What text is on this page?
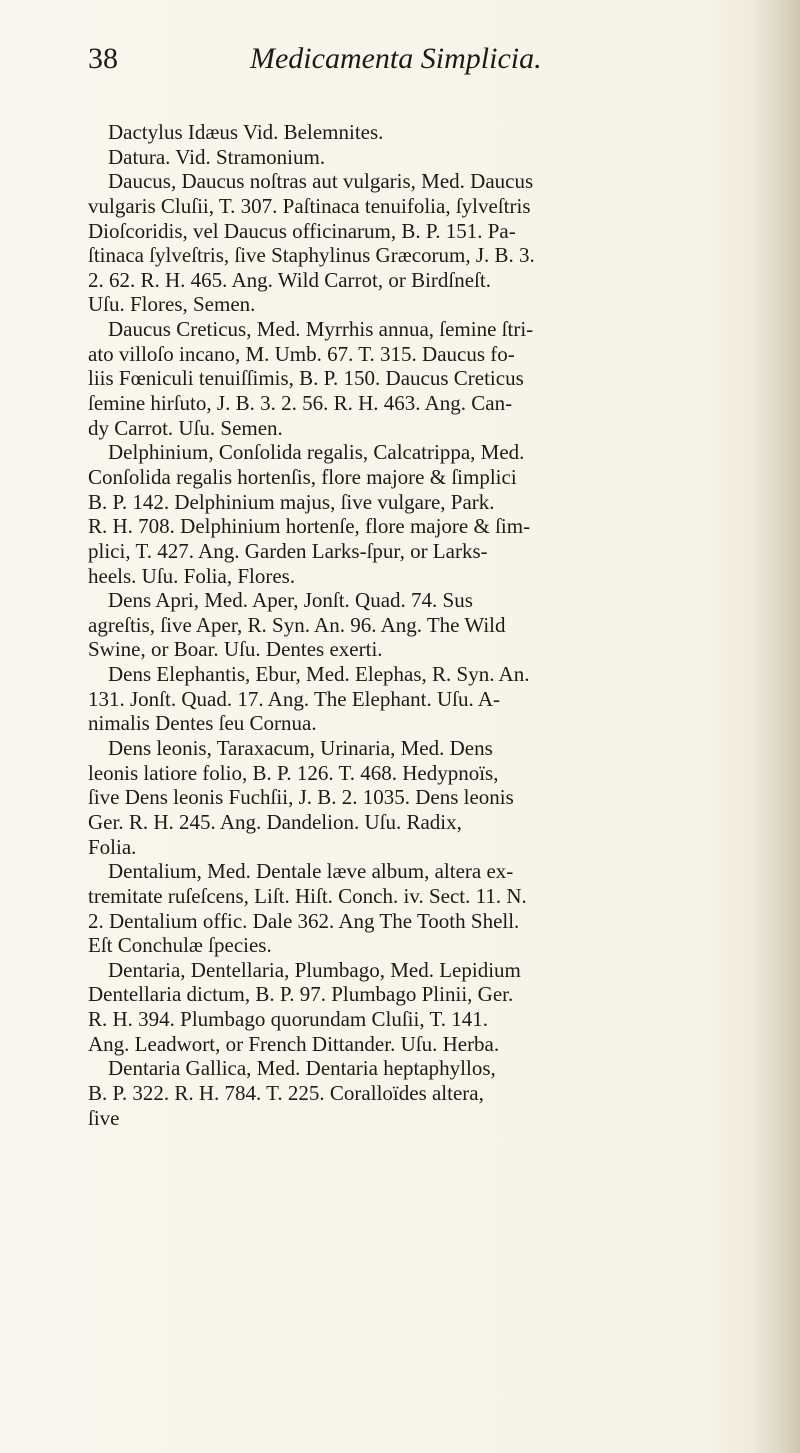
38	Medicamenta Simplicia.
Dactylus Idæus Vid. Belemnites.
Datura. Vid. Stramonium.
Daucus, Daucus noſtras aut vulgaris, Med. Daucus
vulgaris Cluſii, T. 307. Paſtinaca tenuifolia, ſylveſtris
Dioſcoridis, vel Daucus officinarum, B. P. 151. Pa-
ſtinaca ſylveſtris, ſive Staphylinus Græcorum, J. B. 3.
2. 62. R. H. 465. Ang. Wild Carrot, or Birdſneſt.
Uſu. Flores, Semen.
Daucus Creticus, Med. Myrrhis annua, ſemine ſtri-
ato villoſo incano, M. Umb. 67. T. 315. Daucus fo-
liis Fœniculi tenuiſſimis, B. P. 150. Daucus Creticus
ſemine hirſuto, J. B. 3. 2. 56. R. H. 463. Ang. Can-
dy Carrot. Uſu. Semen.
Delphinium, Conſolida regalis, Calcatrippa, Med.
Conſolida regalis hortenſis, flore majore & ſimplici
B. P. 142. Delphinium majus, ſive vulgare, Park.
R. H. 708. Delphinium hortenſe, flore majore & ſim-
plici, T. 427. Ang. Garden Larks-ſpur, or Larks-
heels. Uſu. Folia, Flores.
Dens Apri, Med. Aper, Jonſt. Quad. 74. Sus
agreſtis, ſive Aper, R. Syn. An. 96. Ang. The Wild
Swine, or Boar. Uſu. Dentes exerti.
Dens Elephantis, Ebur, Med. Elephas, R. Syn. An.
131. Jonſt. Quad. 17. Ang. The Elephant. Uſu. A-
nimalis Dentes ſeu Cornua.
Dens leonis, Taraxacum, Urinaria, Med. Dens
leonis latiore folio, B. P. 126. T. 468. Hedypnoïs,
ſive Dens leonis Fuchſii, J. B. 2. 1035. Dens leonis
Ger. R. H. 245. Ang. Dandelion. Uſu. Radix,
Folia.
Dentalium, Med. Dentale læve album, altera ex-
tremitate ruſeſcens, Liſt. Hiſt. Conch. iv. Sect. 11. N.
2. Dentalium offic. Dale 362. Ang The Tooth Shell.
Eſt Conchulæ ſpecies.
Dentaria, Dentellaria, Plumbago, Med. Lepidium
Dentellaria dictum, B. P. 97. Plumbago Plinii, Ger.
R. H. 394. Plumbago quorundam Cluſii, T. 141.
Ang. Leadwort, or French Dittander. Uſu. Herba.
Dentaria Gallica, Med. Dentaria heptaphyllos,
B. P. 322. R. H. 784. T. 225. Coralloïdes altera,
ſive
